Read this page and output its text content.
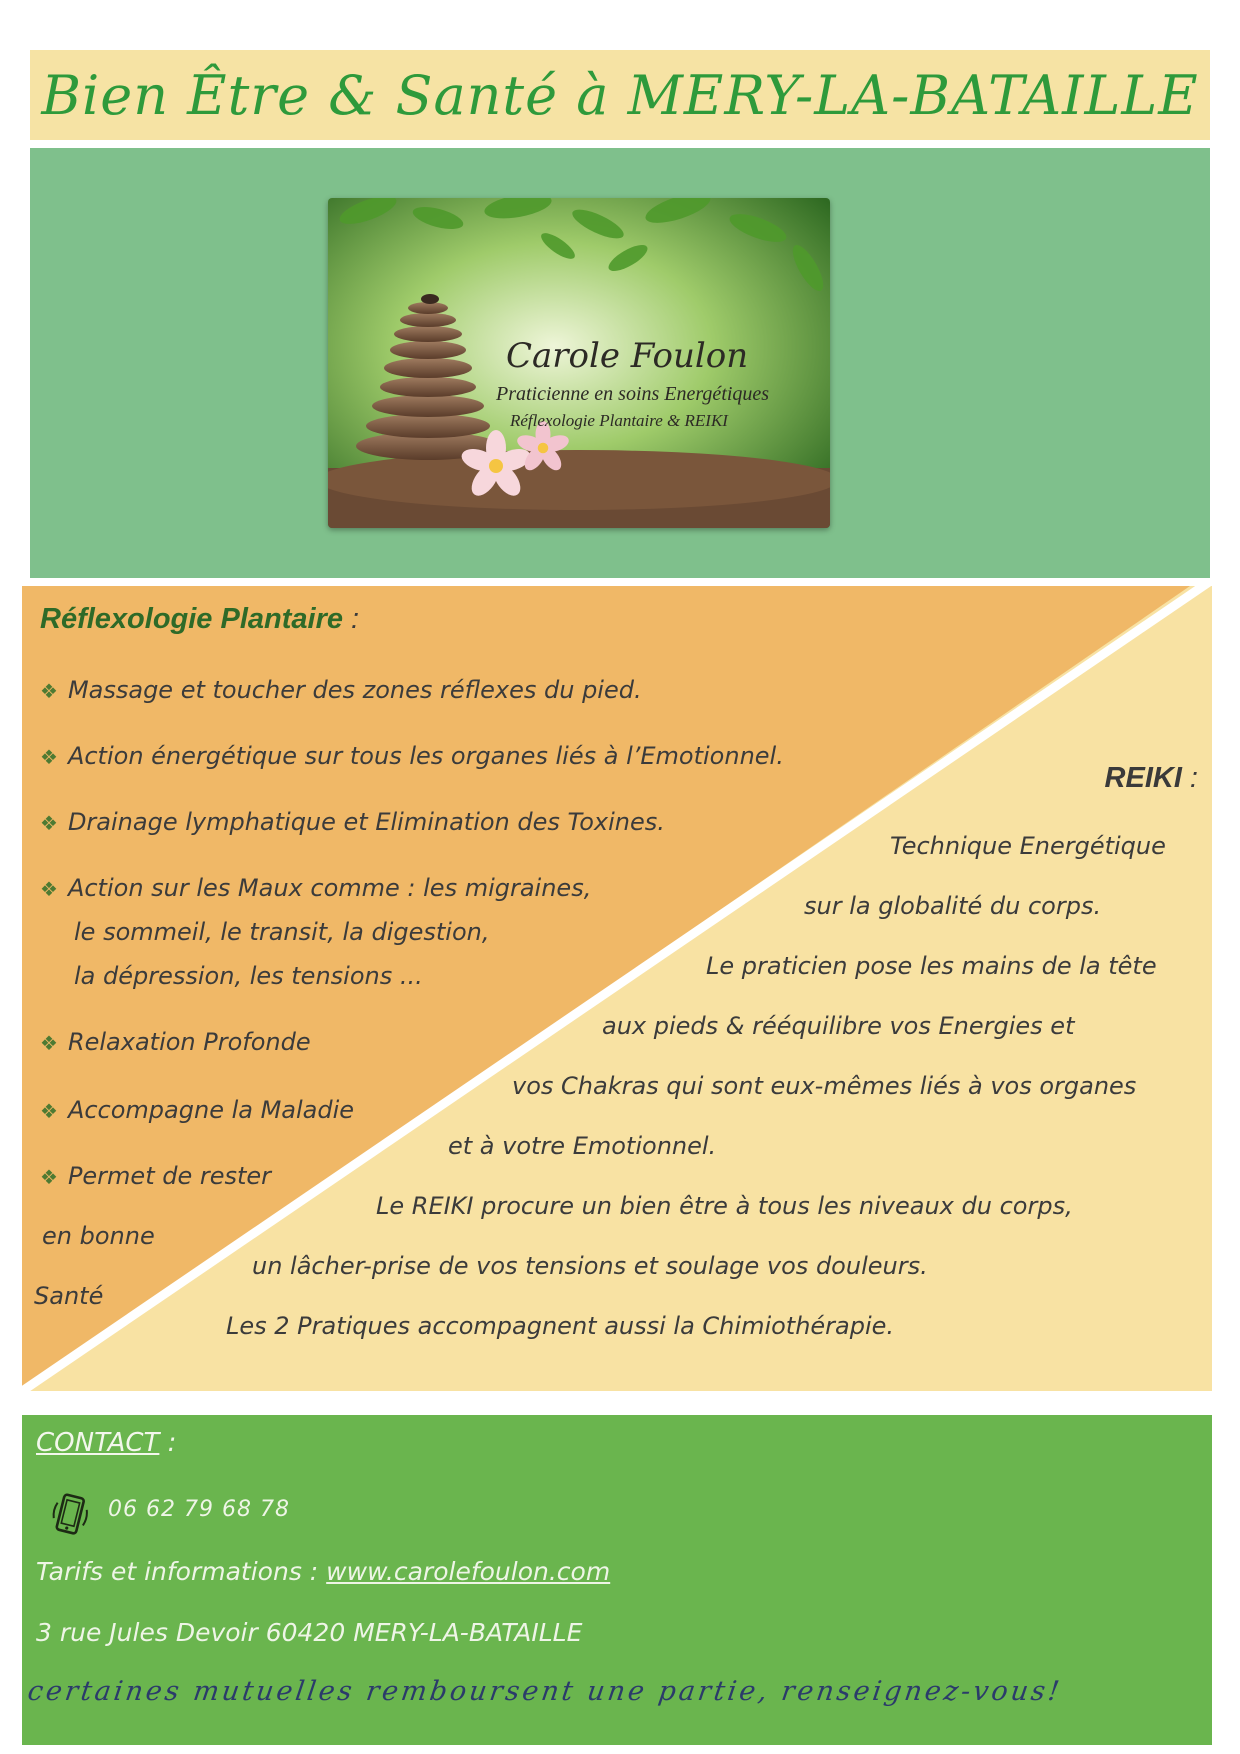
Bien Être & Santé à MERY-LA-BATAILLE
Carole Foulon
Praticienne en soins Energétiques
Réflexologie Plantaire & REIKI
Réflexologie Plantaire :
❖ Massage et toucher des zones réflexes du pied.
❖ Action énergétique sur tous les organes liés à l’Emotionnel.
❖ Drainage lymphatique et Elimination des Toxines.
❖ Action sur les Maux comme : les migraines,
le sommeil, le transit, la digestion,
la dépression, les tensions ...
❖ Relaxation Profonde
❖ Accompagne la Maladie
❖ Permet de rester
en bonne
Santé
REIKI :
Technique Energétique
sur la globalité du corps.
Le praticien pose les mains de la tête
aux pieds & rééquilibre vos Energies et
vos Chakras qui sont eux-mêmes liés à vos organes
et à votre Emotionnel.
Le REIKI procure un bien être à tous les niveaux du corps,
un lâcher-prise de vos tensions et soulage vos douleurs.
Les 2 Pratiques accompagnent aussi la Chimiothérapie.
CONTACT :
06 62 79 68 78
Tarifs et informations : www.carolefoulon.com
3 rue Jules Devoir 60420 MERY-LA-BATAILLE
certaines mutuelles remboursent une partie, renseignez-vous!
